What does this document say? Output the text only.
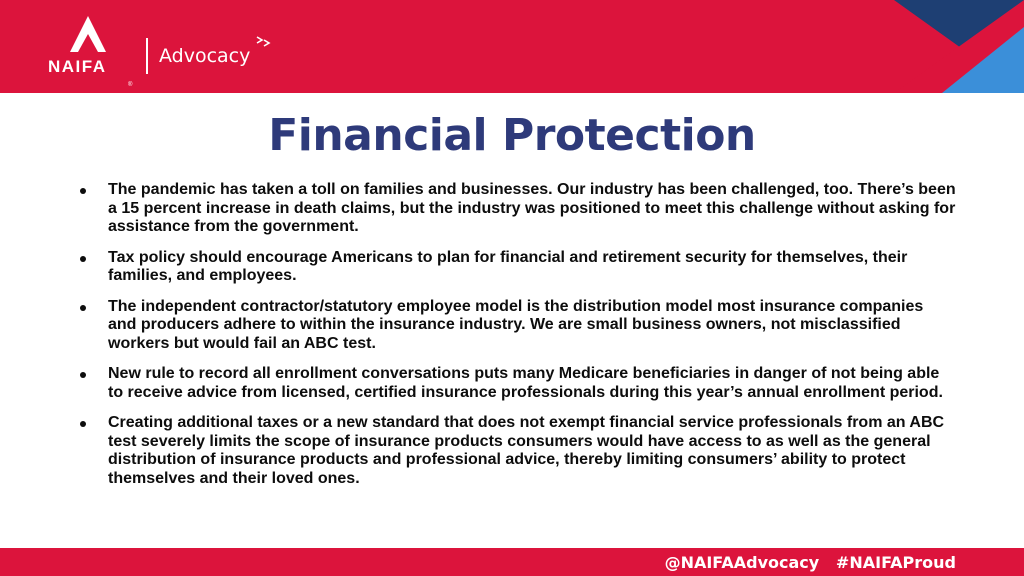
NAIFA
®
Advocacy
Financial Protection
The pandemic has taken a toll on families and businesses. Our industry has been challenged, too. There’s been a 15 percent increase in death claims, but the industry was positioned to meet this challenge without asking for assistance from the government.
Tax policy should encourage Americans to plan for financial and retirement security for themselves, their families, and employees.
The independent contractor/statutory employee model is the distribution model most insurance companies and producers adhere to within the insurance industry. We are small business owners, not misclassified workers but would fail an ABC test.
New rule to record all enrollment conversations puts many Medicare beneficiaries in danger of not being able to receive advice from licensed, certified insurance professionals during this year’s annual enrollment period.
Creating additional taxes or a new standard that does not exempt financial service professionals from an ABC test severely limits the scope of insurance products consumers would have access to as well as the general distribution of insurance products and professional advice, thereby limiting consumers’ ability to protect themselves and their loved ones.
@NAIFAAdvocacy   #NAIFAProud
